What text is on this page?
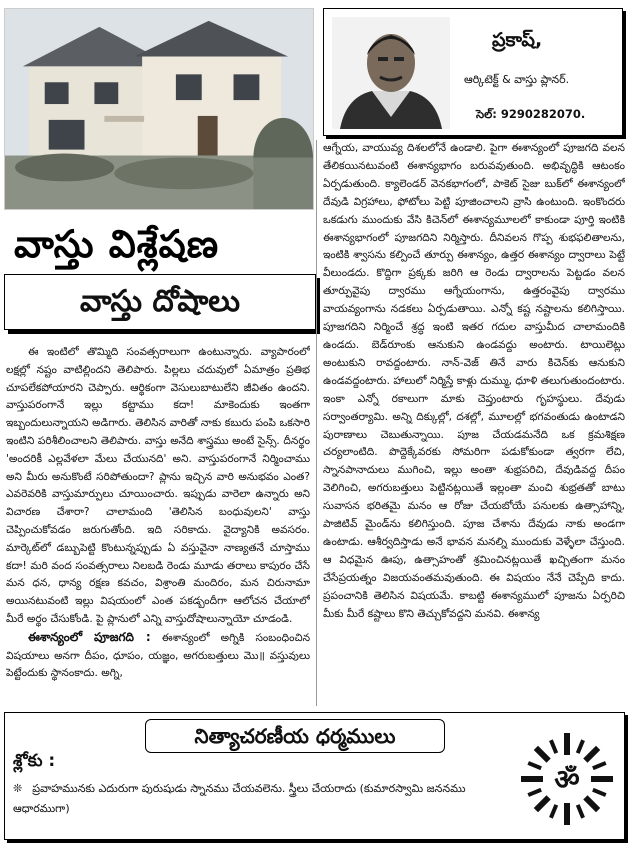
వాస్తు విశ్లేషణ
వాస్తు దోషాలు

ఈ ఇంటిలో తొమ్మిది సంవత్సరాలుగా ఉంటున్నారు. వ్యాపారంలో లక్షల్లో నష్టం వాటిల్లిందని తెలిపారు. పిల్లలు చదువులో ఏమాత్రం ప్రతిభ చూపలేకపోయారని చెప్పారు. ఆర్థికంగా వెసులుబాటులేని జీవితం ఉందని. వాస్తుపరంగానే ఇల్లు కట్టాము కదా! మాకెందుకు ఇంతగా ఇబ్బందులున్నాయని అడిగారు. తెలిసిన వారితో నాకు కబురు పంపి ఒకసారి ఇంటిని పరిశీలించాలని తెలిపారు. వాస్తు అనేది శాస్త్రము అంటే సైన్స్. దీనర్థం 'అందరికీ ఎల్లవేళలా మేలు చేయునది' అని. వాస్తుపరంగానే నిర్మించాము అని మీరు అనుకొంటే సరిపోతుందా? ప్లాను ఇచ్చిన వారి అనుభవం ఎంత? ఎవరెవరికి వాస్తుమార్పులు చూయించారు. ఇప్పుడు వారెలా ఉన్నారు అని విచారణ చేశారా? చాలామంది 'తెలిసిన బంధువులని' వాస్తు చెప్పించుకోవడం జరుగుతోంది. ఇది సరికాదు. వైద్యానికి అవసరం. మార్కెట్‌లో డబ్బుపెట్టి కొంటున్నప్పుడు ఏ వస్తువైనా నాణ్యతనే చూస్తాము కదా! మరి వంద సంవత్సరాలు నిలబడి రెండు మూడు తరాలు కాపురం చేసే మన ధన, ధాన్య రక్షణ కవచం, విశ్రాంతి మందిరం, మన చిరునామా అయినటువంటి ఇల్లు విషయంలో ఎంత పకడ్బందీగా ఆలోచన చేయాలో మీరే అర్థం చేసుకోండి. పై ప్లానులో ఎన్ని వాస్తుదోషాలున్నాయో చూడండి.

ఈశాన్యంలో పూజగది : ఈశాన్యంలో అగ్నికి సంబంధించిన విషయాలు అనగా దీపం, ధూపం, యజ్ఞం, అగరుబత్తులు మొ॥ వస్తువులు పెట్టేందుకు స్థానంకాదు. అగ్ని,

ప్రకాష్,
ఆర్కిటెక్ట్ & వాస్తు ప్లానర్.
సెల్: 9290282070.

ఆగ్నేయ, వాయువ్య దిశలలోనే ఉండాలి. పైగా ఈశాన్యంలో పూజగది వలన తేలికయినటువంటి ఈశాన్యభాగం బరువవుతుంది. అభివృద్ధికి ఆటంకం ఏర్పడుతుంది. క్యాలెండర్ వెనకభాగంలో, పాకెట్ సైజు బుక్‌లో ఈశాన్యంలో దేవుడి విగ్రహాలు, ఫోటోలు పెట్టి పూజించాలని వ్రాసి ఉంటుంది. ఇంకొందరు ఒకడుగు ముందుకు వేసి కిచెన్‌లో ఈశాన్యమూలలో కాకుండా పూర్తి ఇంటికి ఈశాన్యభాగంలో పూజగదిని నిర్మిస్తారు. దీనివలన గొప్ప శుభఫలితాలను, ఇంటికి శ్వాసను కల్పించే తూర్పు ఈశాన్యం, ఉత్తర ఈశాన్యం ద్వారాలు పెట్టే వీలుండదు. కొద్దిగా ప్రక్కకు జరిగి ఆ రెండు ద్వారాలను పెట్టడం వలన తూర్పువైపు ద్వారము ఆగ్నేయంగాను, ఉత్తరంవైపు ద్వారము వాయవ్యంగాను నడకలు ఏర్పడుతాయి. ఎన్నో కష్ట నష్టాలను కలిగిస్తాయి. పూజగదిని నిర్మించే శ్రద్ధ ఇంటి ఇతర గదుల వాస్తుమీద చాలామందికి ఉండదు. బెడ్‌రూంకు ఆనుకుని ఉండవద్దు అంటారు. టాయిలెట్లు అంటుకుని రావద్దంటారు. నాన్-వెజ్ తినే వారు కిచెన్‌కు ఆనుకుని ఉండవద్దంటారు. హాలులో నిర్మిస్తే కాళ్లు దుమ్ము, ధూళి తలుగుతుందంటారు. ఇంకా ఎన్నో రకాలుగా మాకు చెప్తుంటారు గృహస్థులు. దేవుడు సర్వాంతర్యామి. అన్ని దిక్కుల్లో, దశల్లో, మూలల్లో భగవంతుడు ఉంటాడని పురాణాలు చెబుతున్నాయి. పూజ చేయడమనేది ఒక క్రమశిక్షణ చర్యలాంటిది. పొద్దెక్కేవరకు సోమరిగా పడుకోకుండా త్వరగా లేచి, స్నానపానాదులు ముగించి, ఇల్లు అంతా శుభ్రపరిచి, దేవుడివద్ద దీపం వెలిగించి, అగరుబత్తులు పెట్టినట్లయితే ఇల్లంతా మంచి శుభ్రతతో బాటు సువాసన భరితమై మనం ఆ రోజు చేయబోయే పనులకు ఉత్సాహాన్ని, పాజిటివ్ మైండ్‌ను కలిగిస్తుంది. పూజ చేశాను దేవుడు నాకు అండగా ఉంటాడు. ఆశీర్వదిస్తాడు అనే భావన మనల్ని ముందుకు వెళ్ళేలా చేస్తుంది. ఆ విధమైన ఊపు, ఉత్సాహంతో శ్రమించినట్లయితే ఖచ్చితంగా మనం చేసేప్రయత్నం విజయవంతమవుతుంది. ఈ విషయం నేనే చెప్పేది కాదు. ప్రపంచానికి తెలిసిన విషయమే. కాబట్టి ఈశాన్యములో పూజను ఏర్పరిచి మీకు మీరే కష్టాలు కొని తెచ్చుకోవద్దని మనవి. ఈశాన్య

నిత్యాచరణీయ ధర్మములు
శ్లోకు :
❊ ప్రవాహమునకు ఎదురుగా పురుషుడు స్నానము చేయవలెను. స్త్రీలు చేయరాదు (కుమారస్వామి జననము ఆధారముగా)
ॐ
